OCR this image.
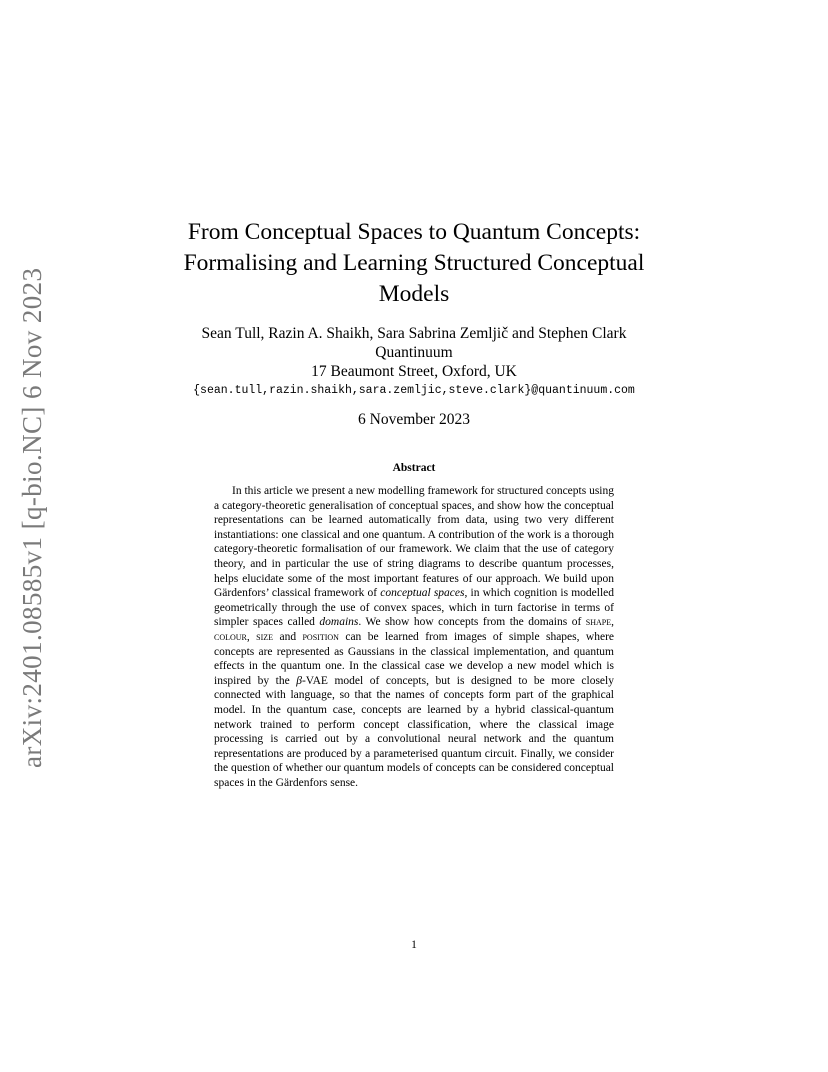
arXiv:2401.08585v1 [q-bio.NC] 6 Nov 2023
From Conceptual Spaces to Quantum Concepts:
Formalising and Learning Structured Conceptual
Models
Sean Tull, Razin A. Shaikh, Sara Sabrina Zemljič and Stephen Clark
Quantinuum
17 Beaumont Street, Oxford, UK
{sean.tull,razin.shaikh,sara.zemljic,steve.clark}@quantinuum.com
6 November 2023
Abstract

In this article we present a new modelling framework for structured concepts using a category-theoretic generalisation of conceptual spaces, and show how the conceptual representations can be learned automatically from data, using two very different instantiations: one classical and one quantum. A contribution of the work is a thorough category-theoretic formalisation of our framework. We claim that the use of category theory, and in particular the use of string diagrams to describe quantum processes, helps elucidate some of the most important features of our approach. We build upon Gärdenfors’ classical framework of conceptual spaces, in which cognition is modelled geometrically through the use of convex spaces, which in turn factorise in terms of simpler spaces called domains. We show how concepts from the domains of shape, colour, size and position can be learned from images of simple shapes, where concepts are represented as Gaussians in the classical implementation, and quantum effects in the quantum one. In the classical case we develop a new model which is inspired by the β-VAE model of concepts, but is designed to be more closely connected with language, so that the names of concepts form part of the graphical model. In the quantum case, concepts are learned by a hybrid classical-quantum network trained to perform concept classification, where the classical image processing is carried out by a convolutional neural network and the quantum representations are produced by a parameterised quantum circuit. Finally, we consider the question of whether our quantum models of concepts can be considered conceptual spaces in the Gärdenfors sense.

1
